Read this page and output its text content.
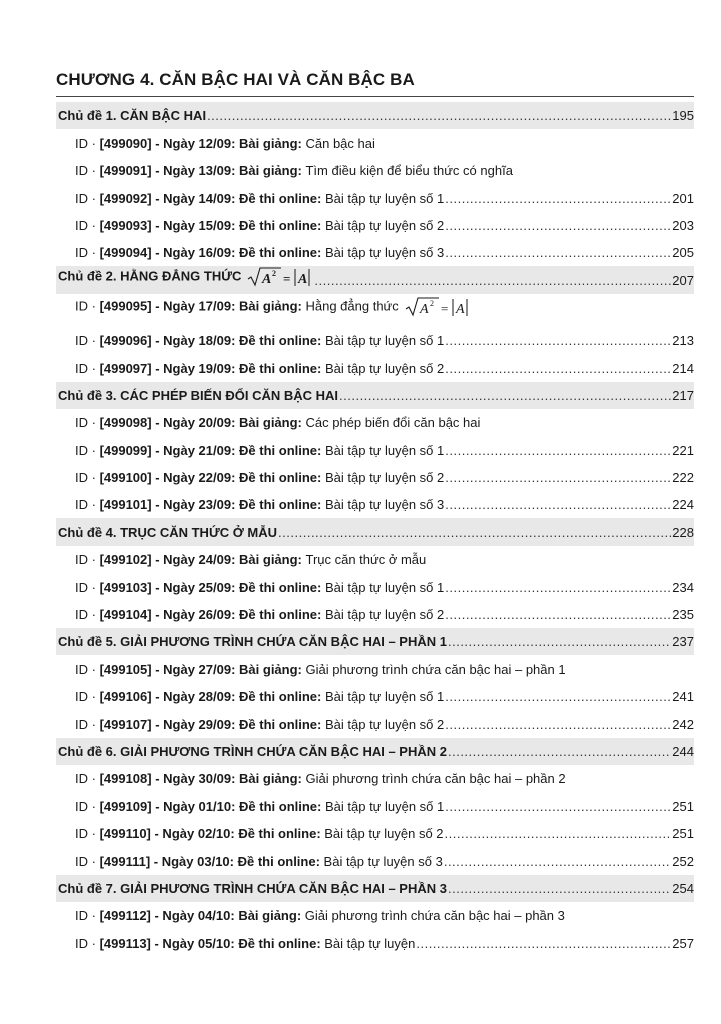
CHƯƠNG 4. CĂN BẬC HAI VÀ CĂN BẬC BA
Chủ đề 1. CĂN BẬC HAI .....	195
ID · [499090] - Ngày 12/09: Bài giảng: Căn bậc hai
ID · [499091] - Ngày 13/09: Bài giảng: Tìm điều kiện để biểu thức có nghĩa
ID · [499092] - Ngày 14/09: Đề thi online: Bài tập tự luyện số 1 .....	201
ID · [499093] - Ngày 15/09: Đề thi online: Bài tập tự luyện số 2 .....	203
ID · [499094] - Ngày 16/09: Đề thi online: Bài tập tự luyện số 3 .....	205
Chủ đề 2. HẰNG ĐẲNG THỨC A 2 = A .....	207
ID · [499095] - Ngày 17/09: Bài giảng: Hằng đẳng thức A 2 = A
ID · [499096] - Ngày 18/09: Đề thi online: Bài tập tự luyện số 1 .....	213
ID · [499097] - Ngày 19/09: Đề thi online: Bài tập tự luyện số 2 .....	214
Chủ đề 3. CÁC PHÉP BIẾN ĐỔI CĂN BẬC HAI .....	217
ID · [499098] - Ngày 20/09: Bài giảng: Các phép biến đổi căn bậc hai
ID · [499099] - Ngày 21/09: Đề thi online: Bài tập tự luyện số 1 .....	221
ID · [499100] - Ngày 22/09: Đề thi online: Bài tập tự luyện số 2 .....	222
ID · [499101] - Ngày 23/09: Đề thi online: Bài tập tự luyện số 3 .....	224
Chủ đề 4. TRỤC CĂN THỨC Ở MẪU .....	228
ID · [499102] - Ngày 24/09: Bài giảng: Trục căn thức ở mẫu
ID · [499103] - Ngày 25/09: Đề thi online: Bài tập tự luyện số 1 .....	234
ID · [499104] - Ngày 26/09: Đề thi online: Bài tập tự luyện số 2 .....	235
Chủ đề 5. GIẢI PHƯƠNG TRÌNH CHỨA CĂN BẬC HAI – PHẦN 1 .....	237
ID · [499105] - Ngày 27/09: Bài giảng: Giải phương trình chứa căn bậc hai – phần 1
ID · [499106] - Ngày 28/09: Đề thi online: Bài tập tự luyện số 1 .....	241
ID · [499107] - Ngày 29/09: Đề thi online: Bài tập tự luyện số 2 .....	242
Chủ đề 6. GIẢI PHƯƠNG TRÌNH CHỨA CĂN BẬC HAI – PHẦN 2 .....	244
ID · [499108] - Ngày 30/09: Bài giảng: Giải phương trình chứa căn bậc hai – phần 2
ID · [499109] - Ngày 01/10: Đề thi online: Bài tập tự luyện số 1 .....	251
ID · [499110] - Ngày 02/10: Đề thi online: Bài tập tự luyện số 2 .....	251
ID · [499111] - Ngày 03/10: Đề thi online: Bài tập tự luyện số 3 .....	252
Chủ đề 7. GIẢI PHƯƠNG TRÌNH CHỨA CĂN BẬC HAI – PHẦN 3 .....	254
ID · [499112] - Ngày 04/10: Bài giảng: Giải phương trình chứa căn bậc hai – phần 3
ID · [499113] - Ngày 05/10: Đề thi online: Bài tập tự luyện .....	257
